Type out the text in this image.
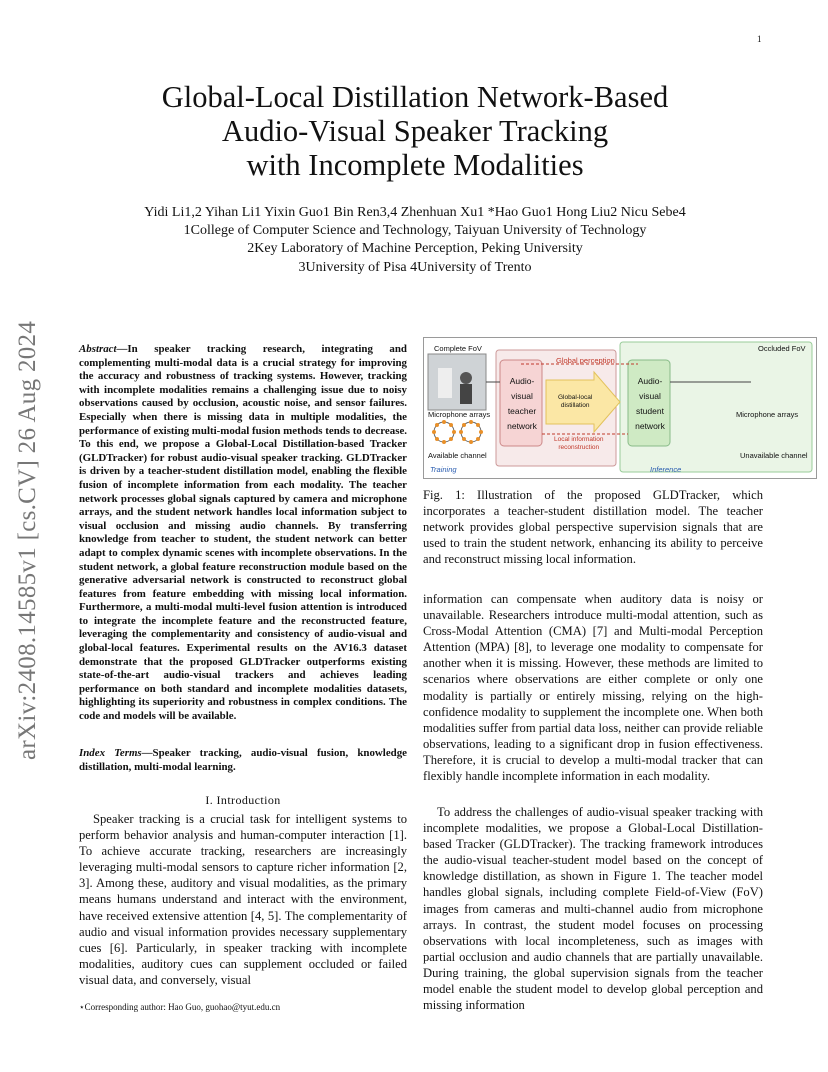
1
arXiv:2408.14585v1 [cs.CV] 26 Aug 2024
Global-Local Distillation Network-Based
Audio-Visual Speaker Tracking
with Incomplete Modalities
Yidi Li1,2 Yihan Li1 Yixin Guo1 Bin Ren3,4 Zhenhuan Xu1 *Hao Guo1 Hong Liu2 Nicu Sebe4
1College of Computer Science and Technology, Taiyuan University of Technology
2Key Laboratory of Machine Perception, Peking University
3University of Pisa 4University of Trento
Abstract—In speaker tracking research, integrating and complementing multi-modal data is a crucial strategy for improving the accuracy and robustness of tracking systems. However, tracking with incomplete modalities remains a challenging issue due to noisy observations caused by occlusion, acoustic noise, and sensor failures. Especially when there is missing data in multiple modalities, the performance of existing multi-modal fusion methods tends to decrease. To this end, we propose a Global-Local Distillation-based Tracker (GLDTracker) for robust audio-visual speaker tracking. GLDTracker is driven by a teacher-student distillation model, enabling the flexible fusion of incomplete information from each modality. The teacher network processes global signals captured by camera and microphone arrays, and the student network handles local information subject to visual occlusion and missing audio channels. By transferring knowledge from teacher to student, the student network can better adapt to complex dynamic scenes with incomplete observations. In the student network, a global feature reconstruction module based on the generative adversarial network is constructed to reconstruct global features from feature embedding with missing local information. Furthermore, a multi-modal multi-level fusion attention is introduced to integrate the incomplete feature and the reconstructed feature, leveraging the complementarity and consistency of audio-visual and global-local features. Experimental results on the AV16.3 dataset demonstrate that the proposed GLDTracker outperforms existing state-of-the-art audio-visual trackers and achieves leading performance on both standard and incomplete modalities datasets, highlighting its superiority and robustness in complex conditions. The code and models will be available.
Index Terms—Speaker tracking, audio-visual fusion, knowledge distillation, multi-modal learning.
I. Introduction
Speaker tracking is a crucial task for intelligent systems to perform behavior analysis and human-computer interaction [1]. To achieve accurate tracking, researchers are increasingly leveraging multi-modal sensors to capture richer information [2, 3]. Among these, auditory and visual modalities, as the primary means humans understand and interact with the environment, have received extensive attention [4, 5]. The complementarity of audio and visual information provides necessary supplementary cues [6]. Particularly, in speaker tracking with incomplete modalities, auditory cues can supplement occluded or failed visual data, and conversely, visual
⋆Corresponding author: Hao Guo, guohao@tyut.edu.cn
Complete FoV	Occluded FoV
Microphone arrays	Microphone arrays
Audio-
visual
teacher
network
Audio-
visual
student
network
Global perception
Global-local
distillation
Local information
reconstruction
Available channel	Unavailable channel
Training	Inference
Fig. 1: Illustration of the proposed GLDTracker, which incorporates a teacher-student distillation model. The teacher network provides global perspective supervision signals that are used to train the student network, enhancing its ability to perceive and reconstruct missing local information.
information can compensate when auditory data is noisy or unavailable. Researchers introduce multi-modal attention, such as Cross-Modal Attention (CMA) [7] and Multi-modal Perception Attention (MPA) [8], to leverage one modality to compensate for another when it is missing. However, these methods are limited to scenarios where observations are either complete or only one modality is partially or entirely missing, relying on the high-confidence modality to supplement the incomplete one. When both modalities suffer from partial data loss, neither can provide reliable observations, leading to a significant drop in fusion effectiveness. Therefore, it is crucial to develop a multi-modal tracker that can flexibly handle incomplete information in each modality.
To address the challenges of audio-visual speaker tracking with incomplete modalities, we propose a Global-Local Distillation-based Tracker (GLDTracker). The tracking framework introduces the audio-visual teacher-student model based on the concept of knowledge distillation, as shown in Figure 1. The teacher model handles global signals, including complete Field-of-View (FoV) images from cameras and multi-channel audio from microphone arrays. In contrast, the student model focuses on processing observations with local incompleteness, such as images with partial occlusion and audio channels that are partially unavailable. During training, the global supervision signals from the teacher model enable the student model to develop global perception and missing information
